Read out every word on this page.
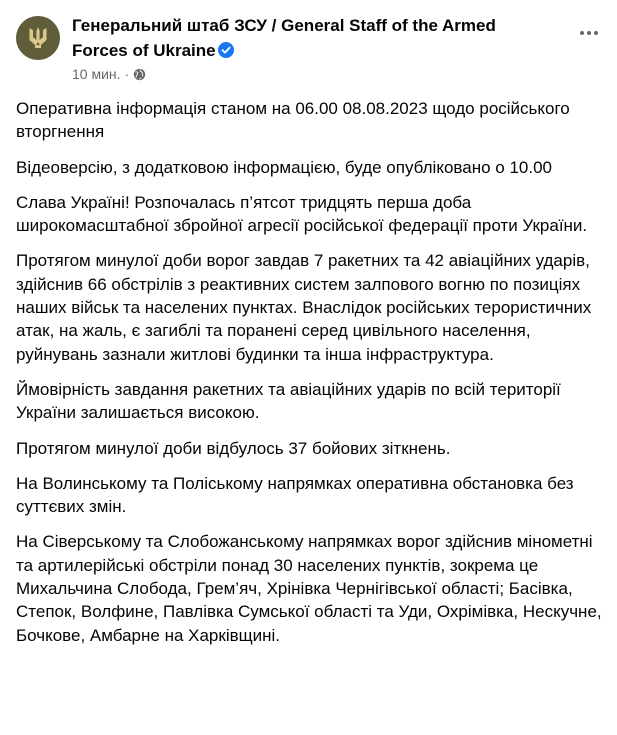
Генеральний штаб ЗСУ / General Staff of the Armed Forces of Ukraine
10 мин. ·

Оперативна інформація станом на 06.00 08.08.2023 щодо російського вторгнення

Відеоверсію, з додатковою інформацією, буде опубліковано о 10.00

Слава Україні! Розпочалась п’ятсот тридцять перша доба широкомасштабної збройної агресії російської федерації проти України.

Протягом минулої доби ворог завдав 7 ракетних та 42 авіаційних ударів, здійснив 66 обстрілів з реактивних систем залпового вогню по позиціях наших військ та населених пунктах. Внаслідок російських терористичних атак, на жаль, є загиблі та поранені серед цивільного населення, руйнувань зазнали житлові будинки та інша інфраструктура.

Ймовірність завдання ракетних та авіаційних ударів по всій території України залишається високою.

Протягом минулої доби відбулось 37 бойових зіткнень.

На Волинському та Поліському напрямках оперативна обстановка без суттєвих змін.

На Сіверському та Слобожанському напрямках ворог здійснив мінометні та артилерійські обстріли понад 30 населених пунктів, зокрема це Михальчина Слобода, Грем’яч, Хрінівка Чернігівської області; Басівка, Степок, Волфине, Павлівка Сумської області та Уди, Охрімівка, Нескучне, Бочкове, Амбарне на Харківщині.
